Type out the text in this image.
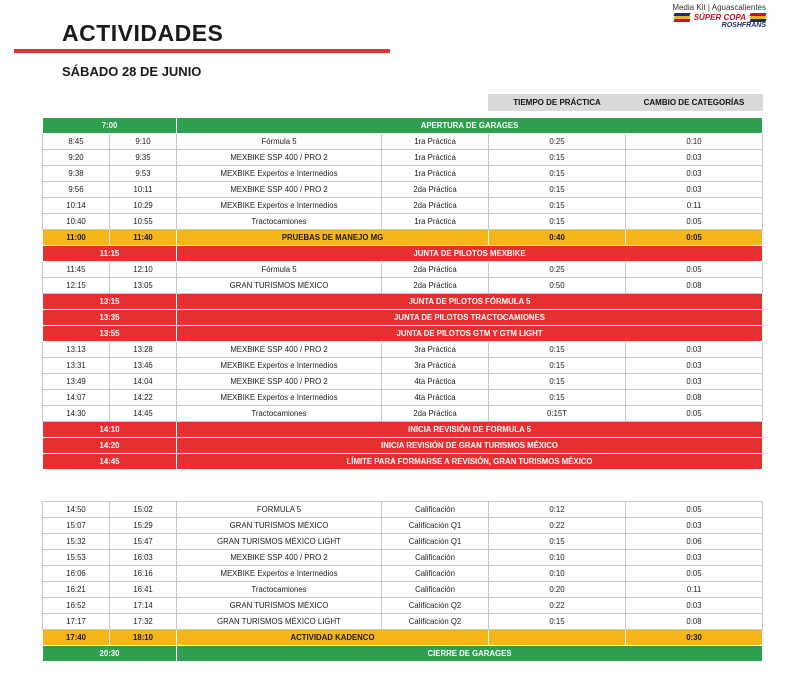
Media Kit | Aguascalientes
SÚPER COPA
ROSHFRANS
ACTIVIDADES
SÁBADO 28 DE JUNIO
				TIEMPO DE PRÁCTICA	CAMBIO DE CATEGORÍAS

7:00		APERTURA DE GARAGES			
8:45	9:10	Fórmula 5	1ra Práctica	0:25	0:10
9:20	9:35	MEXBIKE SSP 400 / PRO 2	1ra Práctica	0:15	0:03
9:38	9:53	MEXBIKE Expertos e Intermedios	1ra Práctica	0:15	0:03
9:56	10:11	MEXBIKE SSP 400 / PRO 2	2da Práctica	0:15	0:03
10:14	10:29	MEXBIKE Expertos e Intermedios	2da Práctica	0:15	0:11
10:40	10:55	Tractocamiones	1ra Práctica	0:15	0:05
11:00	11:40	PRUEBAS DE MANEJO MG		0:40	0:05
11:15		JUNTA DE PILOTOS MEXBIKE			
11:45	12:10	Fórmula 5	2da Práctica	0:25	0:05
12:15	13:05	GRAN TURISMOS MÉXICO	2da Práctica	0:50	0:08
13:15		JUNTA DE PILOTOS FÓRMULA 5			
13:35		JUNTA DE PILOTOS TRACTOCAMIONES			
13:55		JUNTA DE PILOTOS GTM Y GTM LIGHT			
13:13	13:28	MEXBIKE SSP 400 / PRO 2	3ra Práctica	0:15	0:03
13:31	13:46	MEXBIKE Expertos e Intermedios	3ra Práctica	0:15	0:03
13:49	14:04	MEXBIKE SSP 400 / PRO 2	4ta Práctica	0:15	0:03
14:07	14:22	MEXBIKE Expertos e Intermedios	4ta Práctica	0:15	0:08
14:30	14:45	Tractocamiones	2da Práctica	0:15T	0:05
14:10		INICIA REVISIÓN DE FORMULA 5			
14:20		INICIA REVISIÓN DE GRAN TURISMOS MÉXICO			
14:45		LÍMITE PARA FORMARSE A REVISIÓN, GRAN TURISMOS MÉXICO			
14:50	15:02	FORMULA 5	Calificación	0:12	0:05
15:07	15:29	GRAN TURISMOS MÉXICO	Calificación Q1	0:22	0:03
15:32	15:47	GRAN TURISMOS MÉXICO LIGHT	Calificación Q1	0:15	0:06
15:53	16:03	MEXBIKE SSP 400 / PRO 2	Calificación	0:10	0:03
16:06	16:16	MEXBIKE Expertos e Intermedios	Calificación	0:10	0:05
16:21	16:41	Tractocamiones	Calificación	0:20	0:11
16:52	17:14	GRAN TURISMOS MÉXICO	Calificación Q2	0:22	0:03
17:17	17:32	GRAN TURISMOS MÉXICO LIGHT	Calificación Q2	0:15	0:08
17:40	18:10	ACTIVIDAD KADENCO			0:30
20:30		CIERRE DE GARAGES			
